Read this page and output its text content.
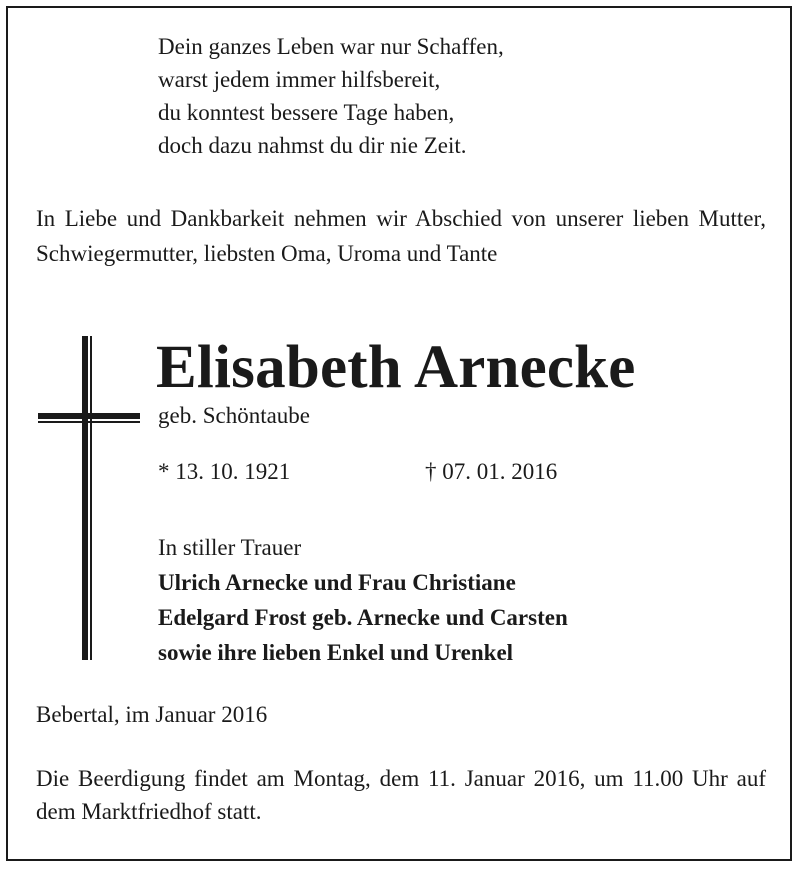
Dein ganzes Leben war nur Schaffen,
warst jedem immer hilfsbereit,
du konntest bessere Tage haben,
doch dazu nahmst du dir nie Zeit.
In Liebe und Dankbarkeit nehmen wir Abschied von unserer lieben Mutter, Schwiegermutter, liebsten Oma, Uroma und Tante
Elisabeth Arnecke
geb. Schöntaube
* 13. 10. 1921	† 07. 01. 2016
In stiller Trauer
Ulrich Arnecke und Frau Christiane
Edelgard Frost geb. Arnecke und Carsten
sowie ihre lieben Enkel und Urenkel
Bebertal, im Januar 2016
Die Beerdigung findet am Montag, dem 11. Januar 2016, um 11.00 Uhr auf dem Marktfriedhof statt.
